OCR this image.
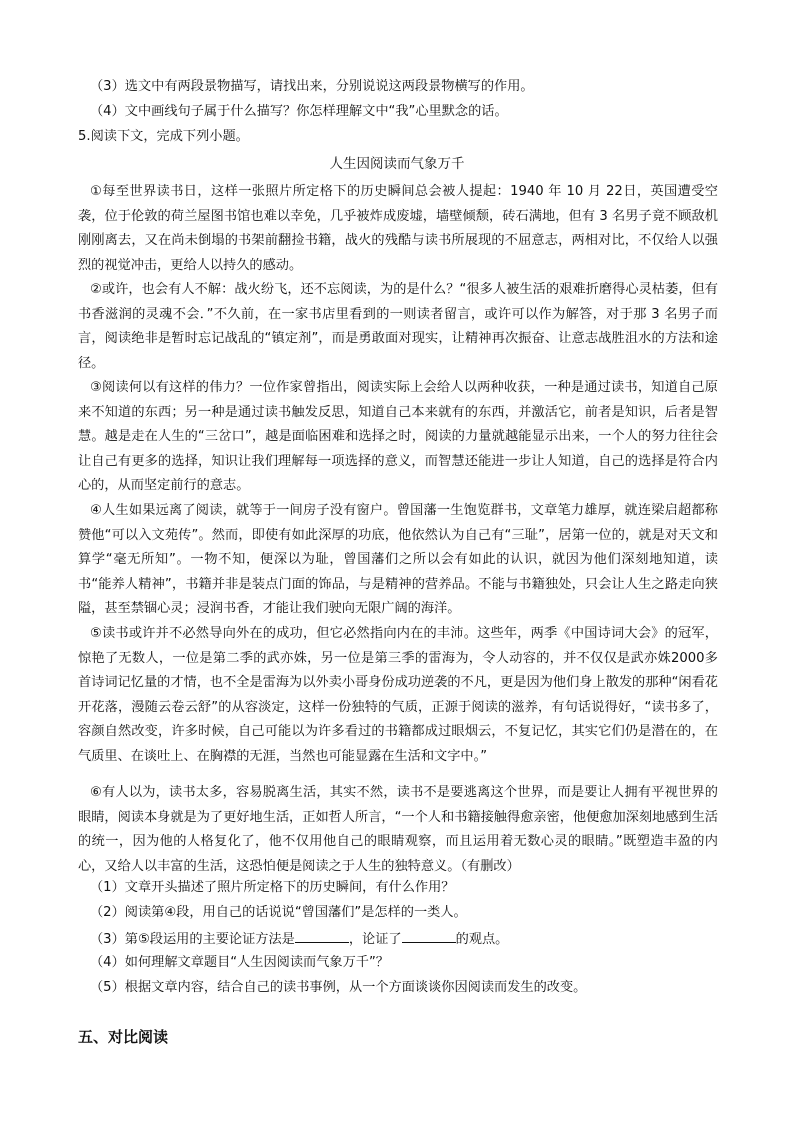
（3）选文中有两段景物描写，请找出来，分别说说这两段景物横写的作用。
（4）文中画线句子属于什么描写？你怎样理解文中“我”心里默念的话。
5.阅读下文，完成下列小题。
人生因阅读而气象万千
①每至世界读书日，这样一张照片所定格下的历史瞬间总会被人提起：1940 年 10 月 22日，英国遭受空袭，位于伦敦的荷兰屋图书馆也难以幸免，几乎被炸成废墟，墙壁倾颓，砖石满地，但有 3 名男子竟不顾敌机刚刚离去，又在尚未倒塌的书架前翻捡书籍，战火的残酷与读书所展现的不屈意志，两相对比，不仅给人以强烈的视觉冲击，更给人以持久的感动。
②或许，也会有人不解：战火纷飞，还不忘阅读，为的是什么？“很多人被生活的艰难折磨得心灵枯萎，但有书香滋润的灵魂不会．”不久前，在一家书店里看到的一则读者留言，或许可以作为解答，对于那 3 名男子而言，阅读绝非是暂时忘记战乱的“镇定剂”，而是勇敢面对现实，让精神再次振奋、让意志战胜沮水的方法和途径。
③阅读何以有这样的伟力？一位作家曾指出，阅读实际上会给人以两种收获，一种是通过读书，知道自己原来不知道的东西；另一种是通过读书触发反思，知道自己本来就有的东西，并激活它，前者是知识，后者是智慧。越是走在人生的“三岔口”，越是面临困难和选择之时，阅读的力量就越能显示出来，一个人的努力往往会让自己有更多的选择，知识让我们理解每一项选择的意义，而智慧还能进一步让人知道，自己的选择是符合内心的，从而坚定前行的意志。
④人生如果远离了阅读，就等于一间房子没有窗户。曾国藩一生饱览群书，文章笔力雄厚，就连梁启超都称赞他“可以入文苑传”。然而，即使有如此深厚的功底，他依然认为自己有“三耻”，居第一位的，就是对天文和算学“毫无所知”。一物不知，便深以为耻，曾国藩们之所以会有如此的认识，就因为他们深刻地知道，读书“能养人精神”，书籍并非是装点门面的饰品，与是精神的营养品。不能与书籍独处，只会让人生之路走向狭隘，甚至禁锢心灵；浸润书香，才能让我们驶向无限广阔的海洋。
⑤读书或许并不必然导向外在的成功，但它必然指向内在的丰沛。这些年，两季《中国诗词大会》的冠军，惊艳了无数人，一位是第二季的武亦姝，另一位是第三季的雷海为，令人动容的，并不仅仅是武亦姝2000多首诗词记忆量的才情，也不全是雷海为以外卖小哥身份成功逆袭的不凡，更是因为他们身上散发的那种“闲看花开花落，漫随云卷云舒”的从容淡定，这样一份独特的气质，正源于阅读的滋养，有句话说得好，“读书多了，容颜自然改变，许多时候，自己可能以为许多看过的书籍都成过眼烟云，不复记忆，其实它们仍是潜在的，在气质里、在谈吐上、在胸襟的无涯，当然也可能显露在生活和文字中。”
⑥有人以为，读书太多，容易脱离生活，其实不然，读书不是要逃离这个世界，而是要让人拥有平视世界的眼睛，阅读本身就是为了更好地生活，正如哲人所言，“一个人和书籍接触得愈亲密，他便愈加深刻地感到生活的统一，因为他的人格复化了，他不仅用他自己的眼睛观察，而且运用着无数心灵的眼睛。”既塑造丰盈的内心，又给人以丰富的生活，这恐怕便是阅读之于人生的独特意义。（有删改）
（1）文章开头描述了照片所定格下的历史瞬间，有什么作用？
（2）阅读第④段，用自己的话说说“曾国藩们”是怎样的一类人。
（3）第⑤段运用的主要论证方法是	，论证了	的观点。
（4）如何理解文章题目“人生因阅读而气象万千”？
（5）根据文章内容，结合自己的读书事例，从一个方面谈谈你因阅读而发生的改变。
五、对比阅读
